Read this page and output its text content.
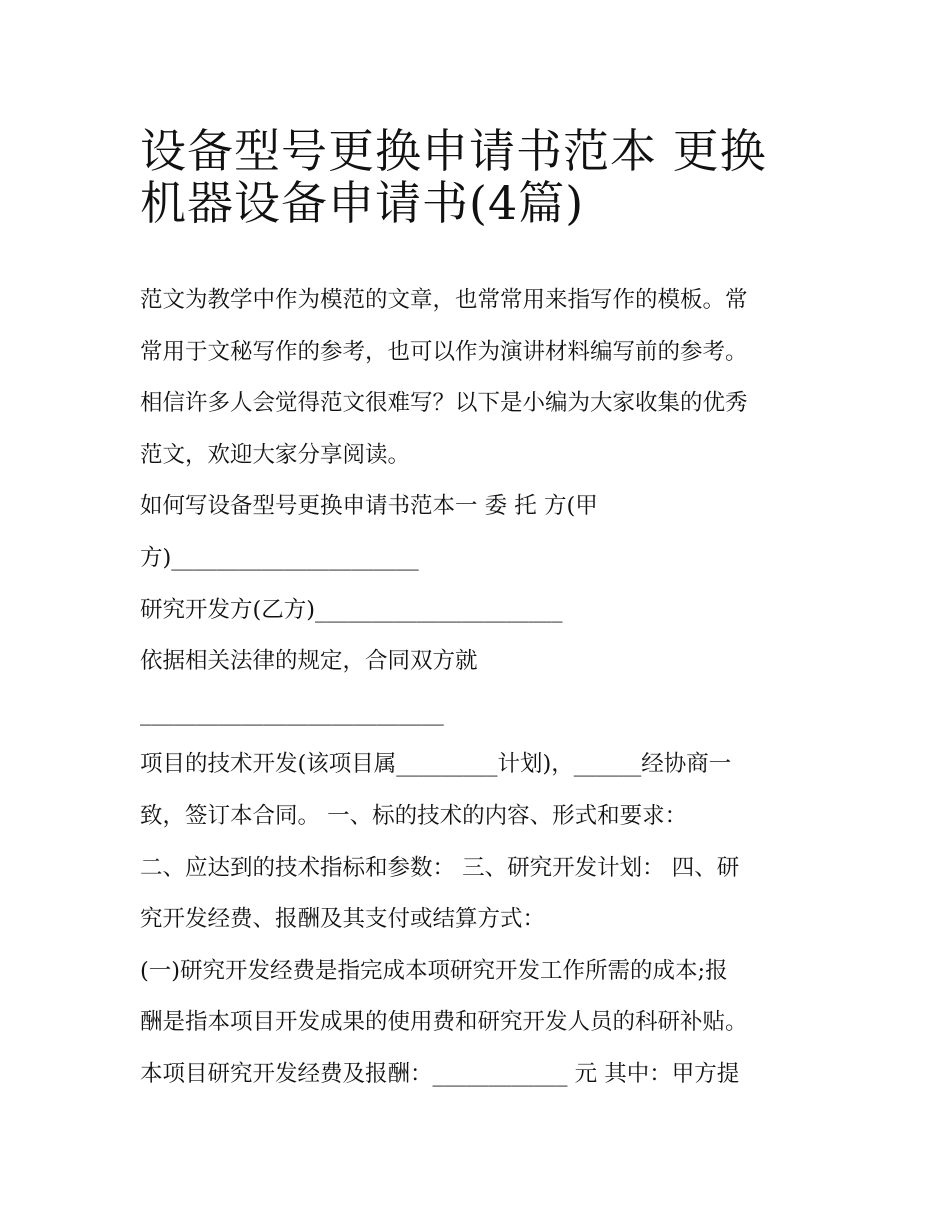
设备型号更换申请书范本 更换
机器设备申请书(4篇)
范文为教学中作为模范的文章，也常常用来指写作的模板。常
常用于文秘写作的参考，也可以作为演讲材料编写前的参考。
相信许多人会觉得范文很难写？以下是小编为大家收集的优秀
范文，欢迎大家分享阅读。
如何写设备型号更换申请书范本一 委 托 方(甲
方)______________________
研究开发方(乙方)______________________
依据相关法律的规定，合同双方就
___________________________
项目的技术开发(该项目属_________计划)，______经协商一
致，签订本合同。 一、标的技术的内容、形式和要求：
二、应达到的技术指标和参数： 三、研究开发计划： 四、研
究开发经费、报酬及其支付或结算方式：
(一)研究开发经费是指完成本项研究开发工作所需的成本;报
酬是指本项目开发成果的使用费和研究开发人员的科研补贴。
本项目研究开发经费及报酬：____________ 元 其中：甲方提
